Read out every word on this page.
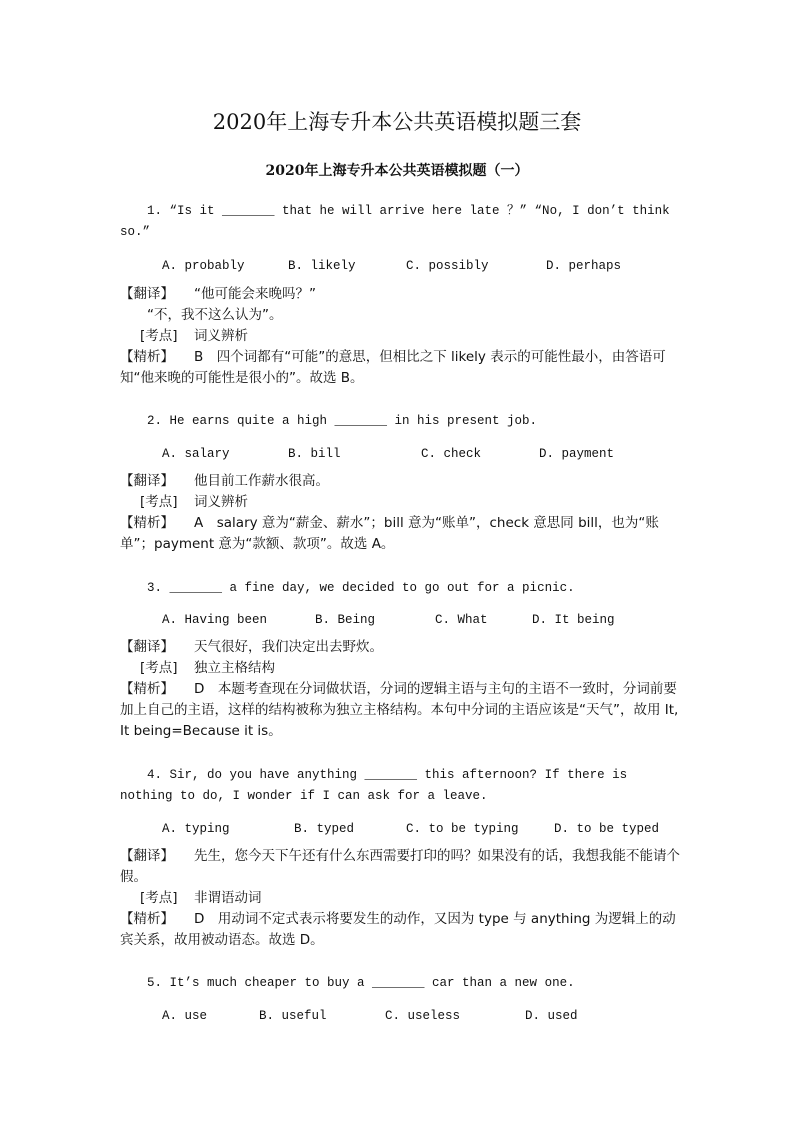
2020年上海专升本公共英语模拟题三套
2020年上海专升本公共英语模拟题（一）
1. “Is it _______ that he will arrive here late ？” “No, I don’t think so.”

A. probably	B. likely	C. possibly	D. perhaps

【翻译】 “他可能会来晚吗？”
“不，我不这么认为”。
[考点] 词义辨析
【精析】 B　四个词都有“可能”的意思，但相比之下 likely 表示的可能性最小，由答语可知“他来晚的可能性是很小的”。故选 B。
2. He earns quite a high _______ in his present job.

A. salary	B. bill	C. check	D. payment

【翻译】 他目前工作薪水很高。
[考点] 词义辨析
【精析】 A　salary 意为“薪金、薪水”；bill 意为“账单”，check 意思同 bill，也为“账单”；payment 意为“款额、款项”。故选 A。
3. _______ a fine day, we decided to go out for a picnic.

A. Having been	B. Being	C. What	D. It being

【翻译】 天气很好，我们决定出去野炊。
[考点] 独立主格结构
【精析】 D　本题考查现在分词做状语，分词的逻辑主语与主句的主语不一致时，分词前要加上自己的主语，这样的结构被称为独立主格结构。本句中分词的主语应该是“天气”，故用 It, It being=Because it is。
4. Sir, do you have anything _______ this afternoon? If there is nothing to do, I wonder if I can ask for a leave.

A. typing	B. typed	C. to be typing	D. to be typed

【翻译】 先生，您今天下午还有什么东西需要打印的吗？如果没有的话，我想我能不能请个假。
[考点] 非谓语动词
【精析】 D　用动词不定式表示将要发生的动作，又因为 type 与 anything 为逻辑上的动宾关系，故用被动语态。故选 D。
5. It’s much cheaper to buy a _______ car than a new one.

A. use	B. useful	C. useless	D. used
